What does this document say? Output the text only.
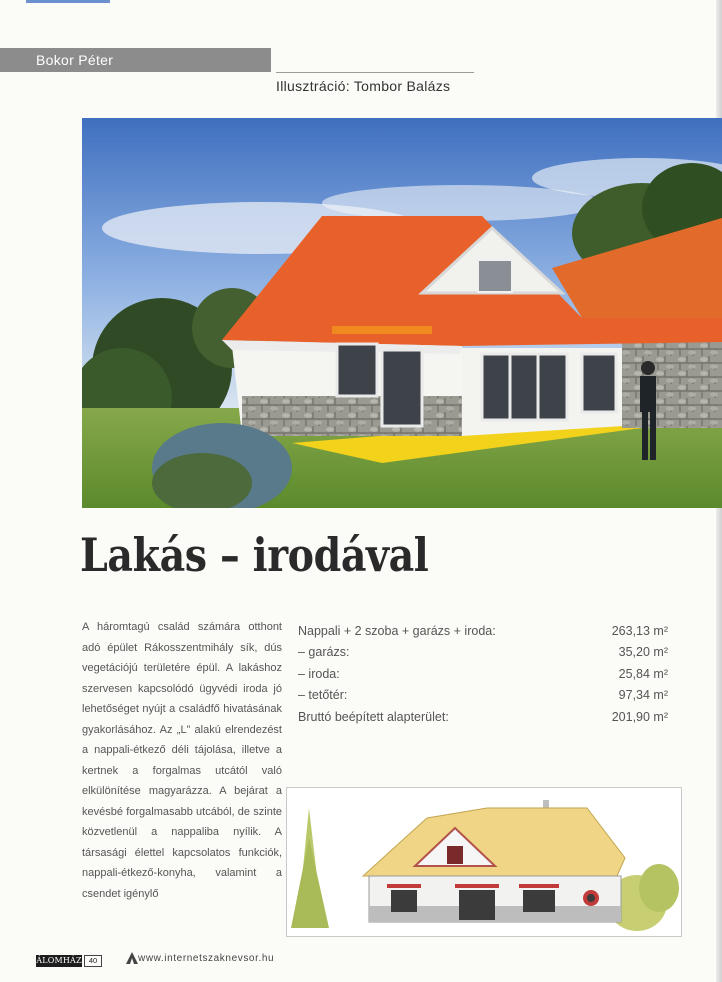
Bokor Péter
Illusztráció: Tombor Balázs
Lakás – irodával
A háromtagú család számára otthont adó épület Rákosszentmihály sík, dús vegetációjú területére épül. A lakáshoz szervesen kapcsolódó ügyvédi iroda jó lehetőséget nyújt a családfő hivatásának gyakorlásához. Az „L” alakú elrendezést a nappali-étkező déli tájolása, illetve a kertnek a forgalmas utcától való elkülönítése magyarázza. A bejárat a kevésbé forgalmasabb utcából, de szinte közvetlenül a nappaliba nyílik. A társasági élettel kapcsolatos funkciók, nappali-étkező-konyha, valamint a csendet igénylő
Nappali + 2 szoba + garázs + iroda:	263,13 m²
– garázs:	35,20 m²
– iroda:	25,84 m²
– tetőtér:	97,34 m²
Bruttó beépített alapterület:	201,90 m²
ÁLOMHÁZ 40	www.internetszaknevsor.hu
